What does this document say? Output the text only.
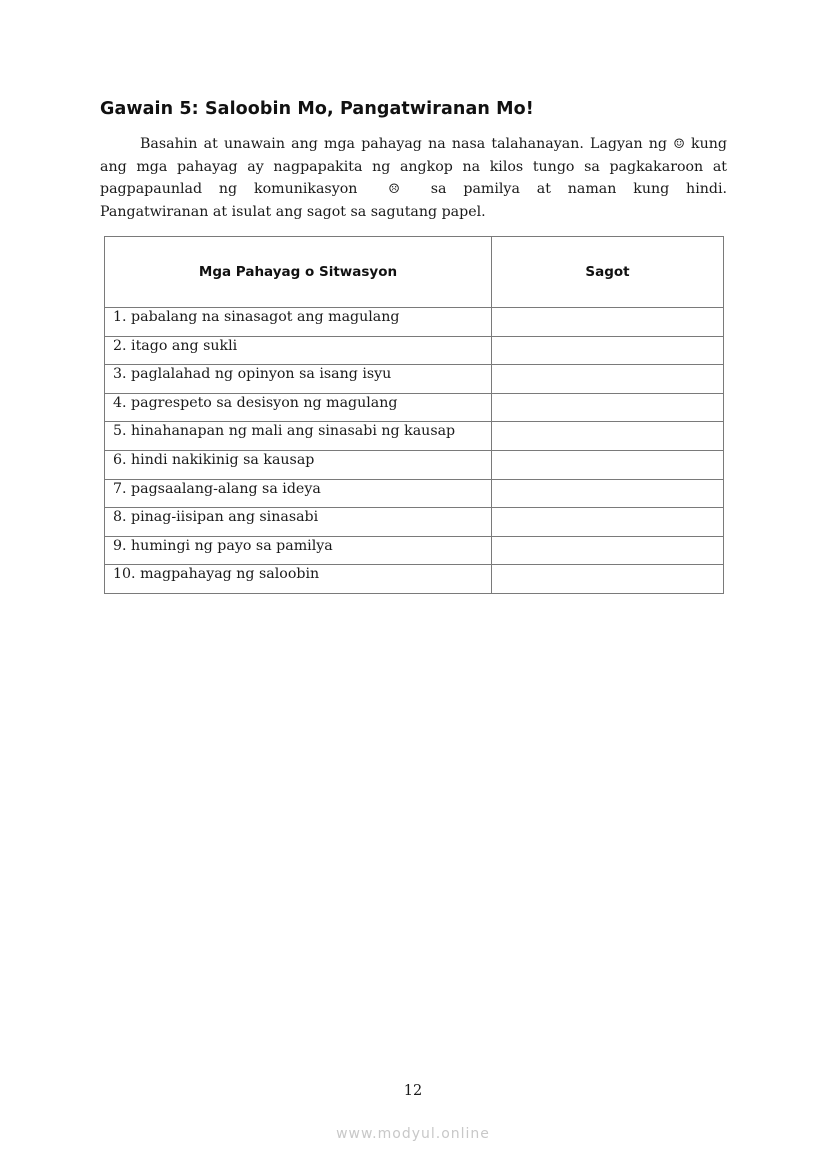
Gawain 5: Saloobin Mo, Pangatwiranan Mo!

Basahin at unawain ang mga pahayag na nasa talahanayan. Lagyan ng ☺ kung ang mga pahayag ay nagpapakita ng angkop na kilos tungo sa pagkakaroon at pagpapaunlad ng komunikasyon ☹ sa pamilya at naman kung hindi. Pangatwiranan at isulat ang sagot sa sagutang papel.

Mga Pahayag o Sitwasyon	Sagot
1. pabalang na sinasagot ang magulang	
2. itago ang sukli	
3. paglalahad ng opinyon sa isang isyu	
4. pagrespeto sa desisyon ng magulang	
5. hinahanapan ng mali ang sinasabi ng kausap	
6. hindi nakikinig sa kausap	
7. pagsaalang-alang sa ideya	
8. pinag-iisipan ang sinasabi	
9. humingi ng payo sa pamilya	
10. magpahayag ng saloobin	
12
www.modyul.online
